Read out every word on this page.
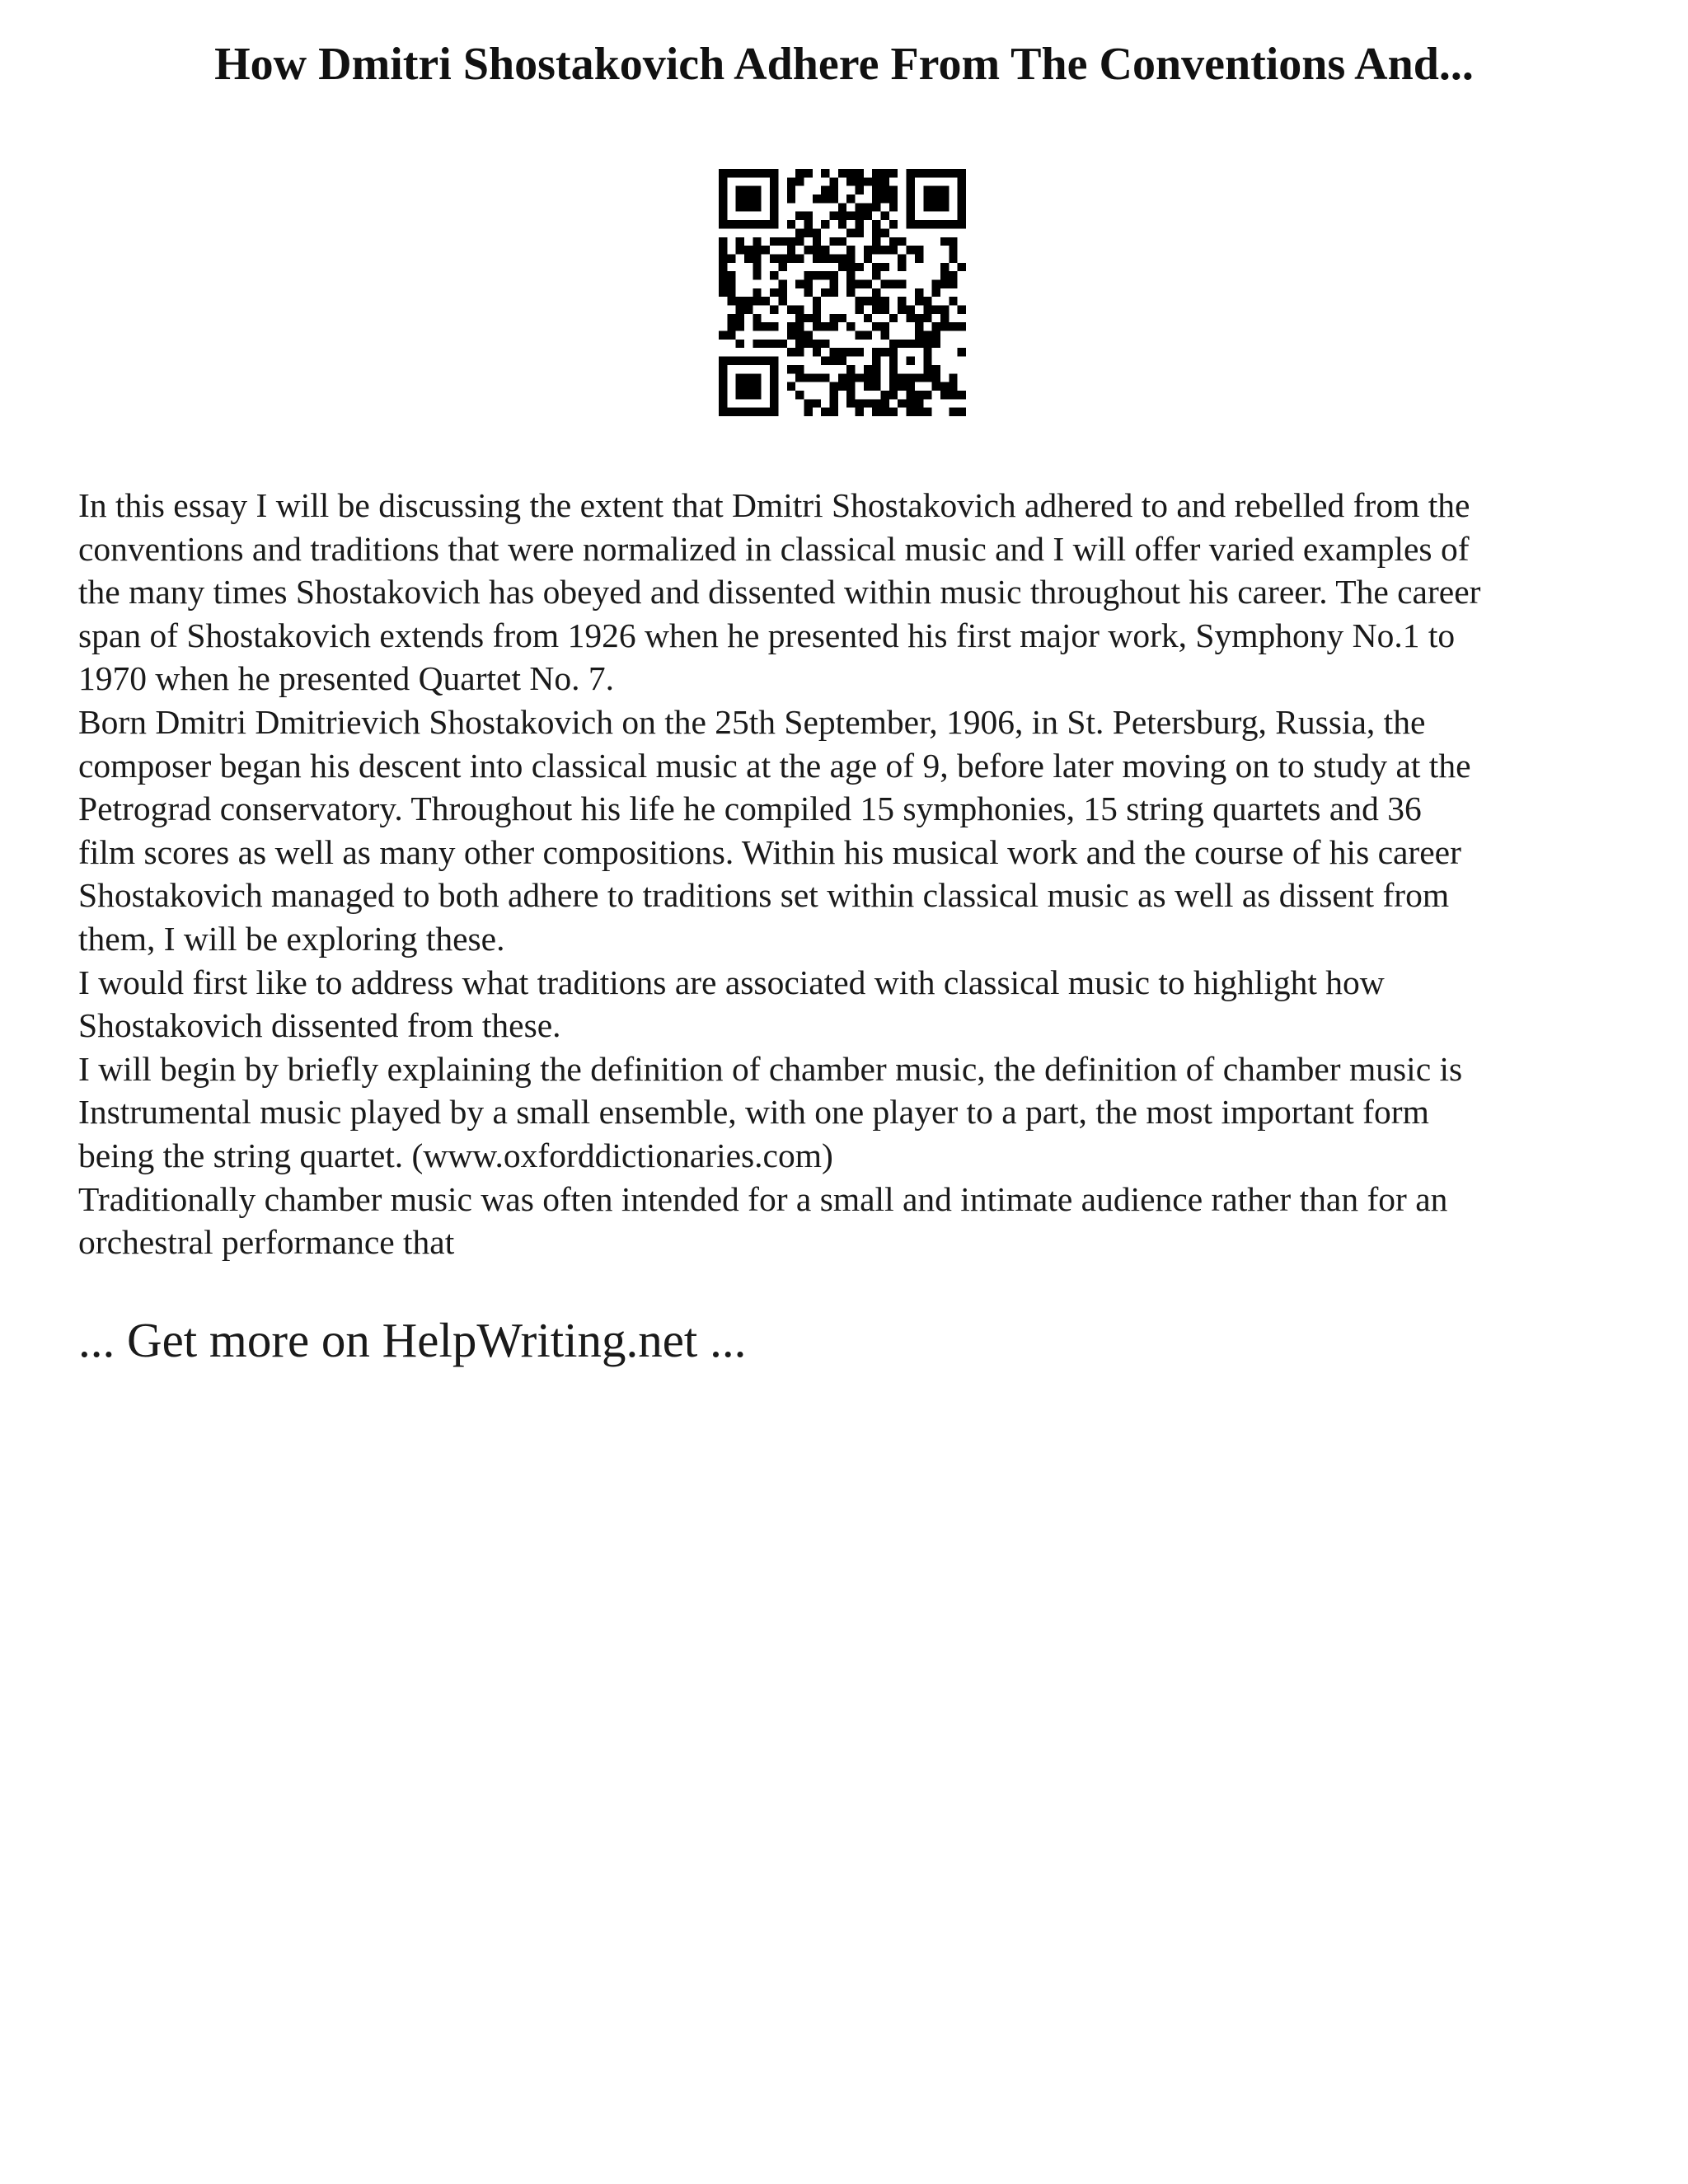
How Dmitri Shostakovich Adhere From The Conventions And...
In this essay I will be discussing the extent that Dmitri Shostakovich adhered to and rebelled from the
conventions and traditions that were normalized in classical music and I will offer varied examples of
the many times Shostakovich has obeyed and dissented within music throughout his career. The career
span of Shostakovich extends from 1926 when he presented his first major work, Symphony No.1 to
1970 when he presented Quartet No. 7.
Born Dmitri Dmitrievich Shostakovich on the 25th September, 1906, in St. Petersburg, Russia, the
composer began his descent into classical music at the age of 9, before later moving on to study at the
Petrograd conservatory. Throughout his life he compiled 15 symphonies, 15 string quartets and 36
film scores as well as many other compositions. Within his musical work and the course of his career
Shostakovich managed to both adhere to traditions set within classical music as well as dissent from
them, I will be exploring these.
I would first like to address what traditions are associated with classical music to highlight how
Shostakovich dissented from these.
I will begin by briefly explaining the definition of chamber music, the definition of chamber music is
Instrumental music played by a small ensemble, with one player to a part, the most important form
being the string quartet. (www.oxforddictionaries.com)
Traditionally chamber music was often intended for a small and intimate audience rather than for an
orchestral performance that
... Get more on HelpWriting.net ...
